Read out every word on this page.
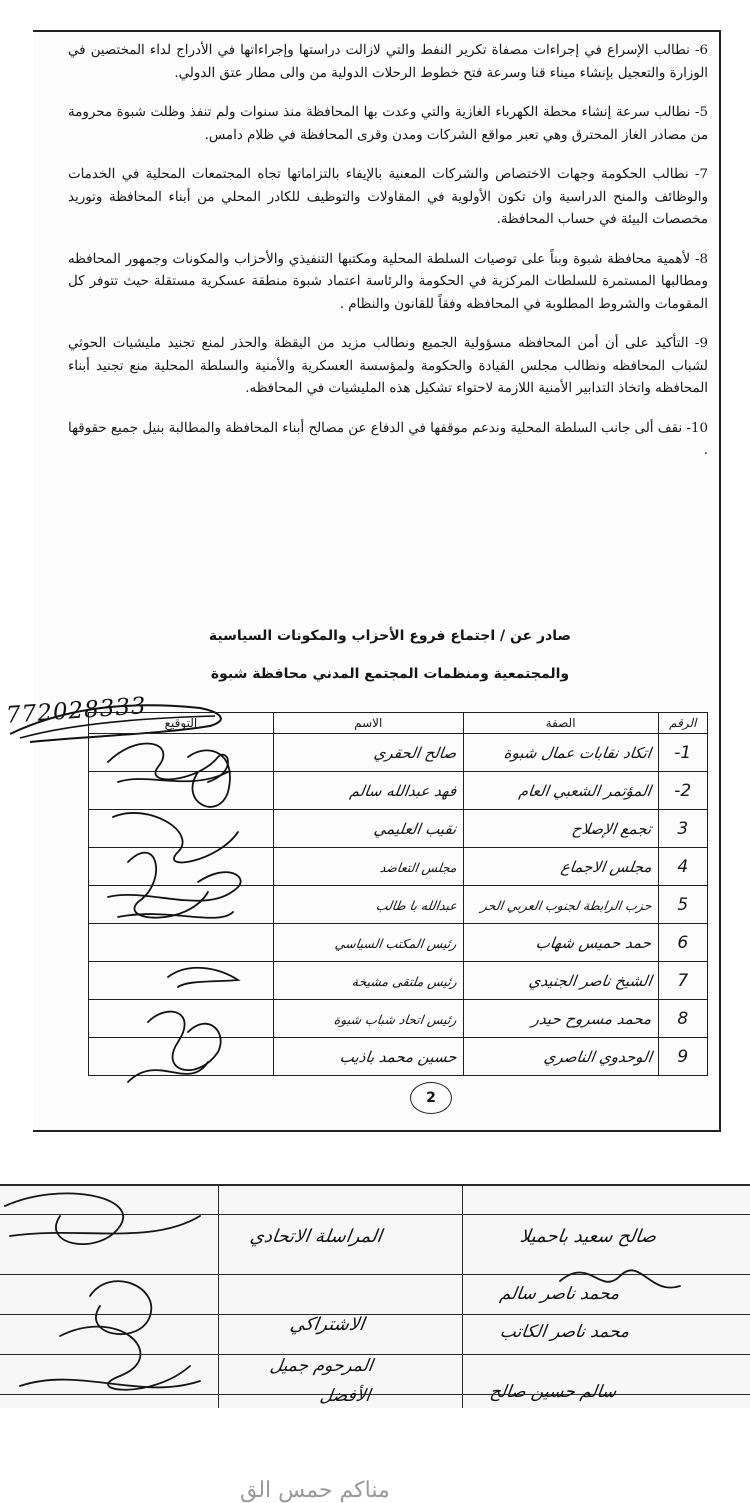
6- نطالب الإسراع في إجراءات مصفاة تكرير النفط والتي لازالت دراستها وإجراءاتها في الأدراج لداء المختصين في الوزارة والتعجيل بإنشاء ميناء قنا وسرعة فتح خطوط الرحلات الدولية من والى مطار عتق الدولي.

5- نطالب سرعة إنشاء محطة الكهرباء الغازية والتي وعدت بها المحافظة منذ سنوات ولم تنفذ وظلت شبوة محرومة من مصادر الغاز المحترق وهي تعبر مواقع الشركات ومدن وقرى المحافظة في ظلام دامس.

7- نطالب الحكومة وجهات الاختصاص والشركات المعنية بالإيفاء بالتزاماتها تجاه المجتمعات المحلية في الخدمات والوظائف والمنح الدراسية وان تكون الأولوية في المقاولات والتوظيف للكادر المحلي من أبناء المحافظة وتوريد مخصصات البيئة في حساب المحافظة.

8- لأهمية محافظة شبوة وبناً على توصيات السلطة المحلية ومكتبها التنفيذي والأحزاب والمكونات وجمهور المحافظه ومطالبها المستمرة للسلطات المركزية في الحكومة والرئاسة اعتماد شبوة منطقة عسكرية مستقلة حيث تتوفر كل المقومات والشروط المطلوبة في المحافظه وفقاً للقانون والنظام .

9- التأكيد على أن أمن المحافظه مسؤولية الجميع ونطالب مزيد من اليقظة والحذر لمنع تجنيد مليشيات الحوثي لشباب المحافظه ونطالب مجلس القيادة والحكومة ولمؤسسة العسكرية والأمنية والسلطة المحلية منع تجنيد أبناء المحافظه واتخاذ التدابير الأمنية اللازمة لاحتواء تشكيل هذه المليشيات في المحافظه.

10- نقف ألى جانب السلطة المحلية وندعم موقفها في الدفاع عن مصالح أبناء المحافظة والمطالبة بنيل جميع حقوقها .

صادر عن / اجتماع فروع الأحزاب والمكونات السياسية
والمجتمعية ومنظمات المجتمع المدني محافظة شبوة
772028333	الرقم	الصفة	الاسم	التوقيع
1-	اتكاد نقابات عمال شبوة	صالح الحقري	
2-	المؤتمر الشعبي العام	فهد عبدالله سالم	
3	تجمع الإصلاح	نقيب العليمي	
4	مجلس الاجماع	مجلس التعاضد	
5	حزب الرابطة لجنوب العربي الحر	عبدالله با طالب	
6	حمد حميس شهاب	رئيس المكتب السياسي	
7	الشيخ ناصر الجنيدي	رئيس ملتقى مشيخة	
8	محمد مسروح حيدر	رئيس اتحاد شباب شبوة	
9	الوحدوي الناصري	حسين محمد باذيب	
2
المراسلة الاتحادي	صالح سعيد باحميلا
محمد ناصر سالم
الاشتراكي	محمد ناصر الكاتب
المرحوم جميل
الأفضل	سالم حسين صالح
مناكم حمس الق
